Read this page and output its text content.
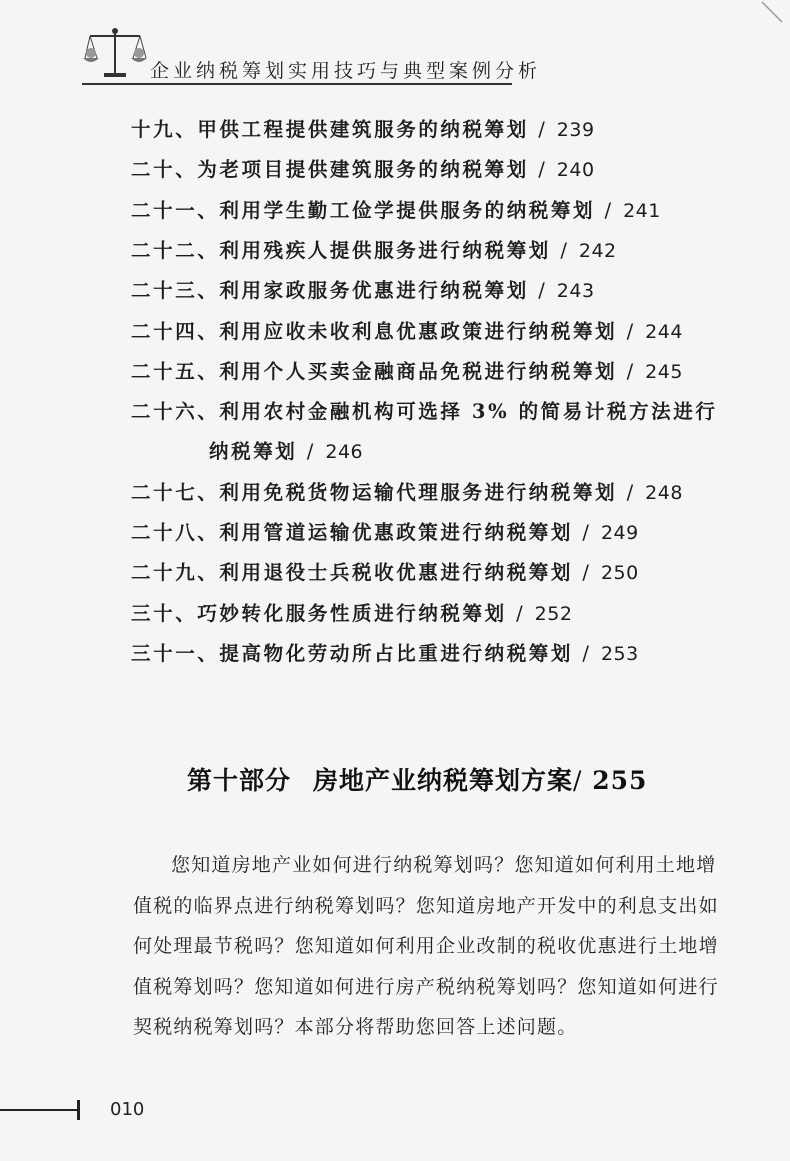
企业纳税筹划实用技巧与典型案例分析
十九、甲供工程提供建筑服务的纳税筹划 / 239
二十、为老项目提供建筑服务的纳税筹划 / 240
二十一、利用学生勤工俭学提供服务的纳税筹划 / 241
二十二、利用残疾人提供服务进行纳税筹划 / 242
二十三、利用家政服务优惠进行纳税筹划 / 243
二十四、利用应收未收利息优惠政策进行纳税筹划 / 244
二十五、利用个人买卖金融商品免税进行纳税筹划 / 245
二十六、利用农村金融机构可选择 3% 的简易计税方法进行
纳税筹划 / 246
二十七、利用免税货物运输代理服务进行纳税筹划 / 248
二十八、利用管道运输优惠政策进行纳税筹划 / 249
二十九、利用退役士兵税收优惠进行纳税筹划 / 250
三十、巧妙转化服务性质进行纳税筹划 / 252
三十一、提高物化劳动所占比重进行纳税筹划 / 253
第十部分 房地产业纳税筹划方案/ 255
您知道房地产业如何进行纳税筹划吗？您知道如何利用土地增
值税的临界点进行纳税筹划吗？您知道房地产开发中的利息支出如
何处理最节税吗？您知道如何利用企业改制的税收优惠进行土地增
值税筹划吗？您知道如何进行房产税纳税筹划吗？您知道如何进行
契税纳税筹划吗？本部分将帮助您回答上述问题。
010
